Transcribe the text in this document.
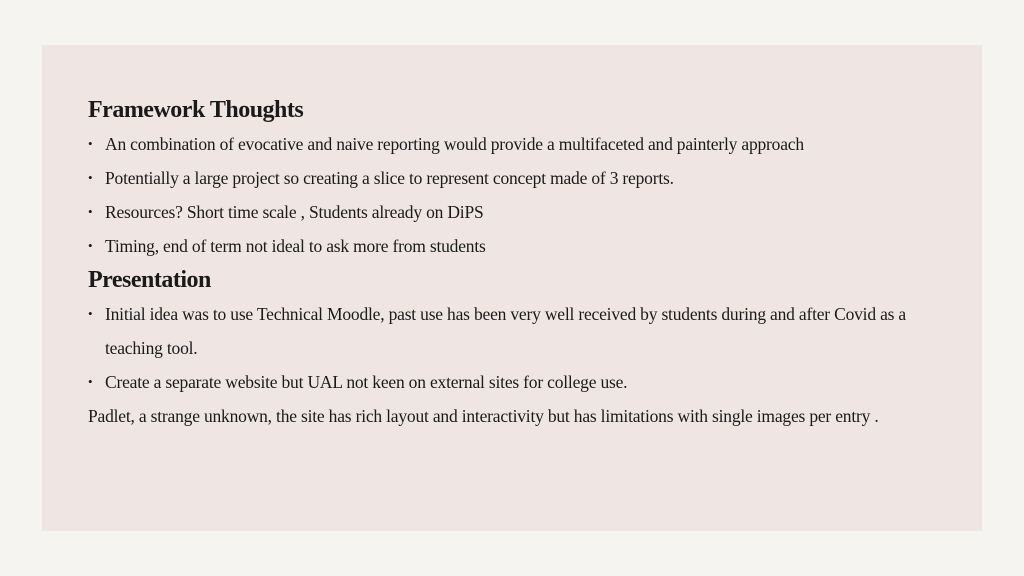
Framework Thoughts
• An combination of evocative and naive reporting would provide a multifaceted and painterly approach
• Potentially a large project so creating a slice to represent concept made of 3 reports.
• Resources? Short time scale , Students already on DiPS
• Timing, end of term not ideal to ask more from students
Presentation
• Initial idea was to use Technical Moodle, past use has been very well received by students during and after Covid as a teaching tool.
• Create a separate website but UAL not keen on external sites for college use.

Padlet, a strange unknown, the site has rich layout and interactivity but has limitations with single images per entry .
